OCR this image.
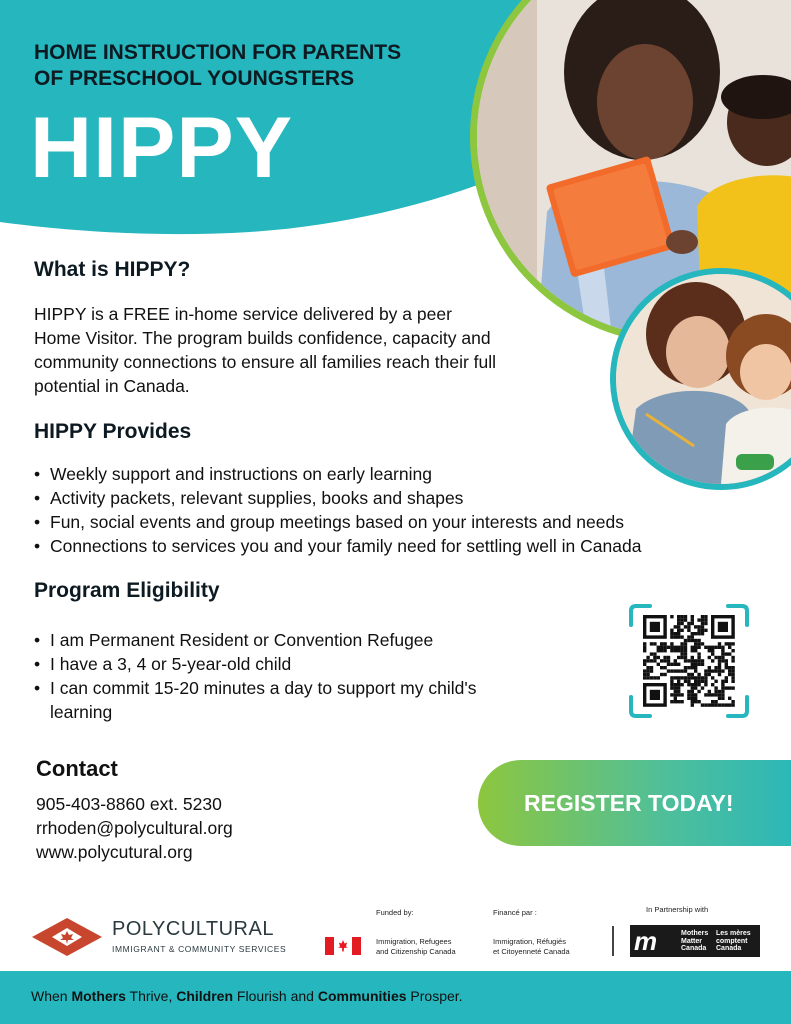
HOME INSTRUCTION FOR PARENTS
OF PRESCHOOL YOUNGSTERS
HIPPY
What is HIPPY?

HIPPY is a FREE in-home service delivered by a peer
Home Visitor. The program builds confidence, capacity and
community connections to ensure all families reach their full
potential in Canada.

HIPPY Provides
• Weekly support and instructions on early learning
• Activity packets, relevant supplies, books and shapes
• Fun, social events and group meetings based on your interests and needs
• Connections to services you and your family need for settling well in Canada
Program Eligibility
• I am Permanent Resident or Convention Refugee
• I have a 3, 4 or 5-year-old child
• I can commit 15-20 minutes a day to support my child's
learning
Contact
905-403-8860 ext. 5230
rrhoden@polycultural.org
www.polycutural.org
REGISTER TODAY!
POLYCULTURAL
IMMIGRANT & COMMUNITY SERVICES
Funded by:	Financé par :
Immigration, Refugees
and Citizenship Canada
Immigration, Réfugiés
et Citoyenneté Canada
In Partnership with
m	Mothers
Matter
Canada
Les mères
comptent
Canada
When Mothers Thrive, Children Flourish and Communities Prosper.
